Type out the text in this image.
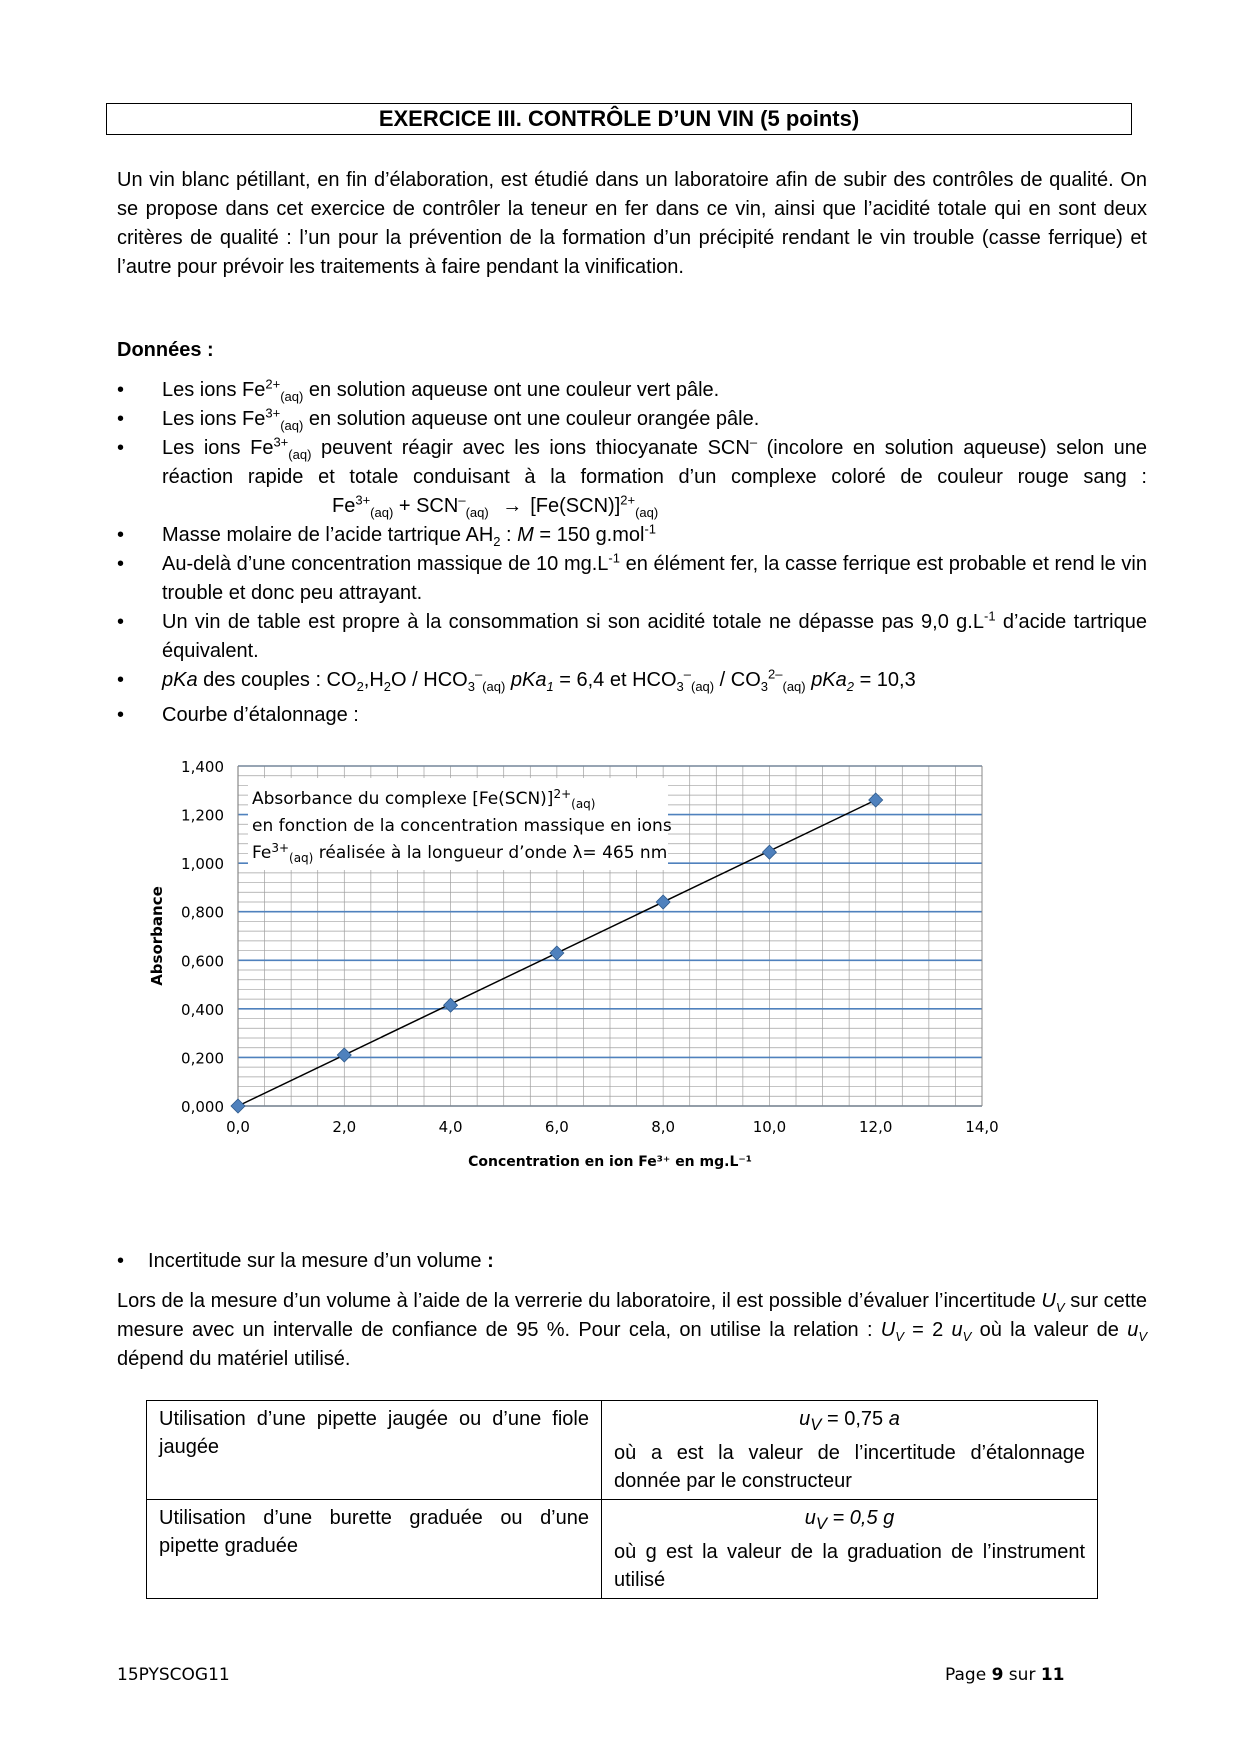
EXERCICE III. CONTRÔLE D’UN VIN (5 points)
Un vin blanc pétillant, en fin d’élaboration, est étudié dans un laboratoire afin de subir des contrôles de qualité. On se propose dans cet exercice de contrôler la teneur en fer dans ce vin, ainsi que l’acidité totale qui en sont deux critères de qualité : l’un pour la prévention de la formation d’un précipité rendant le vin trouble (casse ferrique) et l’autre pour prévoir les traitements à faire pendant la vinification.
Données :
• Les ions $Fe^{2+}_{(aq)}$ en solution aqueuse ont une couleur vert pâle.
• Les ions $Fe^{3+}_{(aq)}$ en solution aqueuse ont une couleur orangée pâle.
• Les ions $Fe^{3+}_{(aq)}$ peuvent réagir avec les ions thiocyanate SCN– (incolore en solution aqueuse) selon une réaction rapide et totale conduisant à la formation d’un complexe coloré de couleur rouge sang : $Fe^{3+}_{(aq)} + SCN^-_{(aq)} \to [Fe(SCN)]^{2+}_{(aq)}$
• Masse molaire de l’acide tartrique $AH_2$ : M = 150 g.mol$^{-1}$
• Au-delà d’une concentration massique de 10 $mg.L^{-1}$ en élément fer, la casse ferrique est probable et rend le vin trouble et donc peu attrayant.
• Un vin de table est propre à la consommation si son acidité totale ne dépasse pas 9,0 $g.L^{-1}$ d’acide tartrique équivalent.
• pKa des couples : $CO_2,H_2O / HCO_3^-_{(aq)}$ pKa$_1$ = 6,4 et $HCO_3^-_{(aq)} / CO_3^{2-}_{(aq)}$ pKa$_2$ = 10,3
• Courbe d’étalonnage :
Absorbance du complexe $[Fe(SCN)]^{2+}_{(aq)}$
en fonction de la concentration massique en ions
$Fe^{3+}_{(aq)}$ réalisée à la longueur d’onde λ= 465 nm
0,000
0,200
0,400
0,600
0,800
1,000
1,200
1,400
0,0	2,0	4,0	6,0	8,0	10,0	12,0	14,0
Concentration en ion Fe³⁺ en mg.L⁻¹
Absorbance
• Incertitude sur la mesure d’un volume :
Lors de la mesure d’un volume à l’aide de la verrerie du laboratoire, il est possible d’évaluer l’incertitude $U_V$ sur cette mesure avec un intervalle de confiance de 95 %. Pour cela, on utilise la relation : $U_V = 2$ $u_V$ où la valeur de $u_V$ dépend du matériel utilisé.
Utilisation d’une pipette jaugée ou d’une fiole jaugée	$u_V = 0,75$ a
où a est la valeur de l’incertitude d’étalonnage donnée par le constructeur

Utilisation d’une burette graduée ou d’une pipette graduée	$u_V = 0,5$ g
où g est la valeur de la graduation de l’instrument utilisé
15PYSCOG11	Page 9 sur 11
